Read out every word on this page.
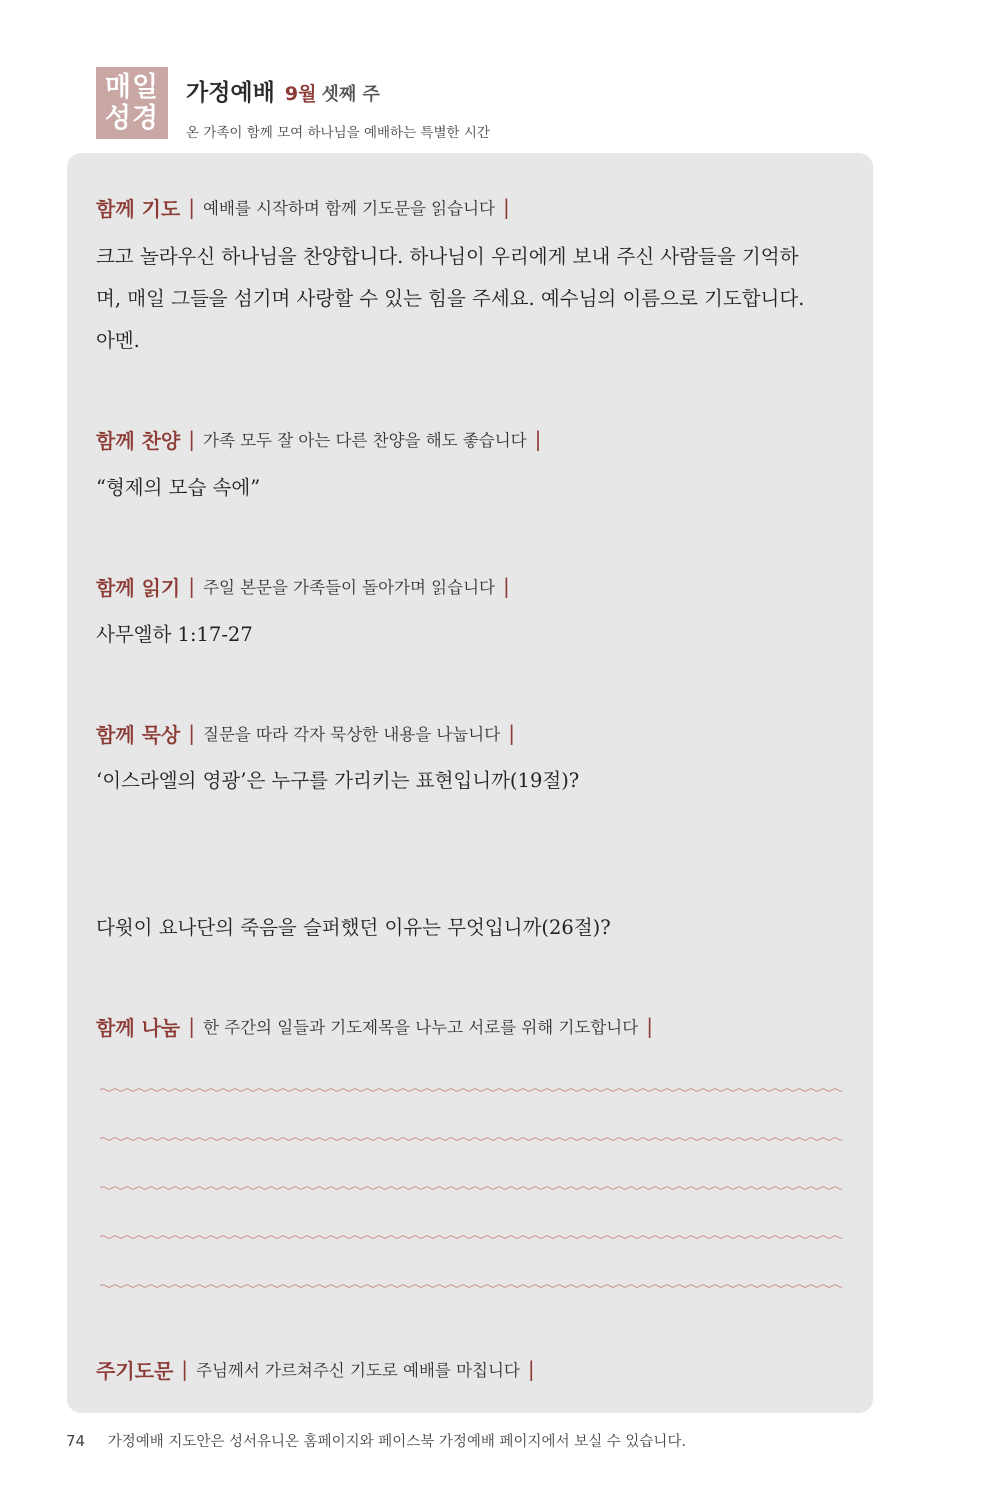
매일
성경
가정예배 9월 셋째 주
온 가족이 함께 모여 하나님을 예배하는 특별한 시간
함께 기도 | 예배를 시작하며 함께 기도문을 읽습니다 |
크고 놀라우신 하나님을 찬양합니다. 하나님이 우리에게 보내 주신 사람들을 기억하
며, 매일 그들을 섬기며 사랑할 수 있는 힘을 주세요. 예수님의 이름으로 기도합니다.
아멘.
함께 찬양 | 가족 모두 잘 아는 다른 찬양을 해도 좋습니다 |
“형제의 모습 속에”
함께 읽기 | 주일 본문을 가족들이 돌아가며 읽습니다 |
사무엘하 1:17-27
함께 묵상 | 질문을 따라 각자 묵상한 내용을 나눕니다 |
‘이스라엘의 영광’은 누구를 가리키는 표현입니까(19절)?
다윗이 요나단의 죽음을 슬퍼했던 이유는 무엇입니까(26절)?
함께 나눔 | 한 주간의 일들과 기도제목을 나누고 서로를 위해 기도합니다 |
주기도문 | 주님께서 가르쳐주신 기도로 예배를 마칩니다 |
74 가정예배 지도안은 성서유니온 홈페이지와 페이스북 가정예배 페이지에서 보실 수 있습니다.
